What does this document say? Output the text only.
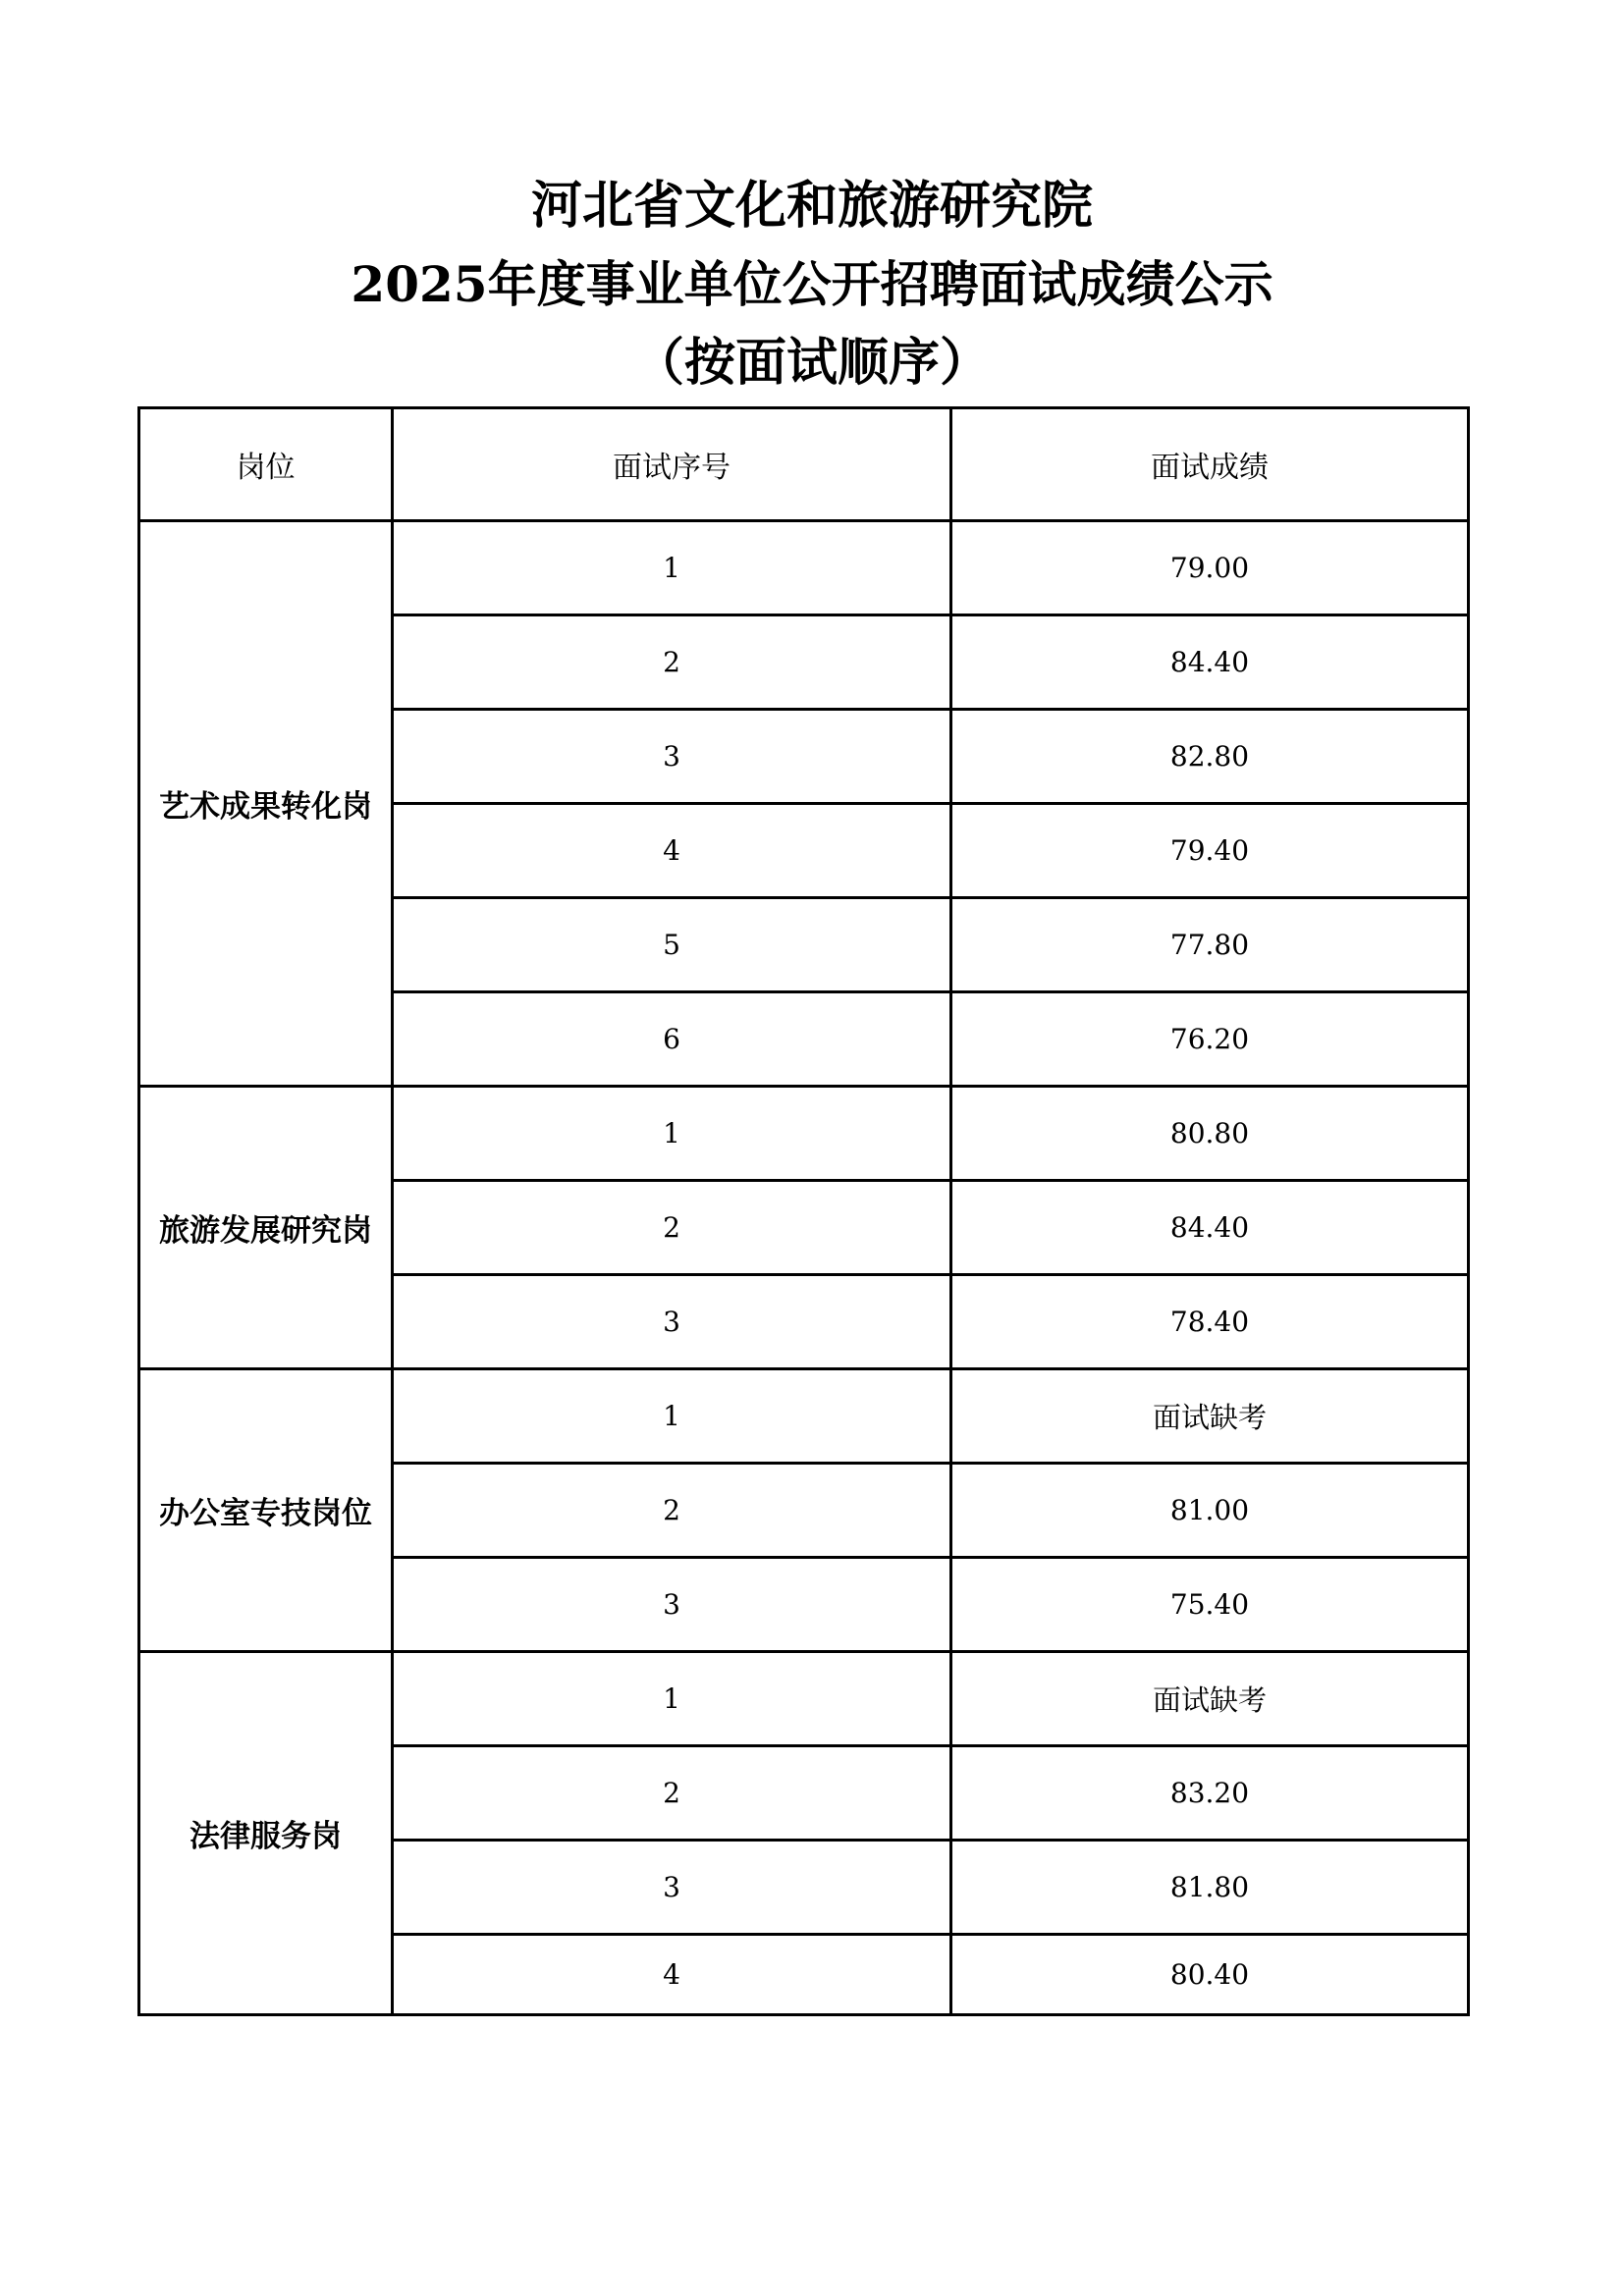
河北省文化和旅游研究院

2025年度事业单位公开招聘面试成绩公示

（按面试顺序）

岗位	面试序号	面试成绩
艺术成果转化岗	1	79.00
	2	84.40
	3	82.80
	4	79.40
	5	77.80
	6	76.20
旅游发展研究岗	1	80.80
	2	84.40
	3	78.40
办公室专技岗位	1	面试缺考
	2	81.00
	3	75.40
法律服务岗	1	面试缺考
	2	83.20
	3	81.80
	4	80.40
